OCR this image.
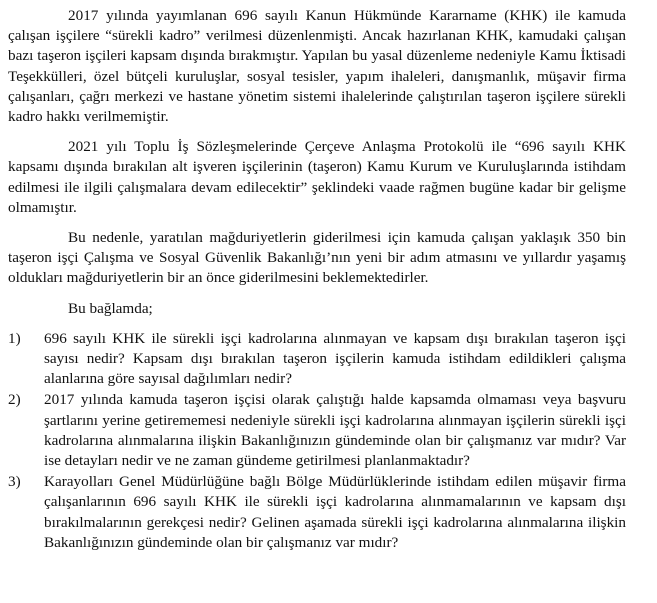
2017 yılında yayımlanan 696 sayılı Kanun Hükmünde Kararname (KHK) ile kamuda çalışan işçilere “sürekli kadro” verilmesi düzenlenmişti. Ancak hazırlanan KHK, kamudaki çalışan bazı taşeron işçileri kapsam dışında bırakmıştır. Yapılan bu yasal düzenleme nedeniyle Kamu İktisadi Teşekkülleri, özel bütçeli kuruluşlar, sosyal tesisler, yapım ihaleleri, danışmanlık, müşavir firma çalışanları, çağrı merkezi ve hastane yönetim sistemi ihalelerinde çalıştırılan taşeron işçilere sürekli kadro hakkı verilmemiştir.

2021 yılı Toplu İş Sözleşmelerinde Çerçeve Anlaşma Protokolü ile “696 sayılı KHK kapsamı dışında bırakılan alt işveren işçilerinin (taşeron) Kamu Kurum ve Kuruluşlarında istihdam edilmesi ile ilgili çalışmalara devam edilecektir” şeklindeki vaade rağmen bugüne kadar bir gelişme olmamıştır.

Bu nedenle, yaratılan mağduriyetlerin giderilmesi için kamuda çalışan yaklaşık 350 bin taşeron işçi Çalışma ve Sosyal Güvenlik Bakanlığı’nın yeni bir adım atmasını ve yıllardır yaşamış oldukları mağduriyetlerin bir an önce giderilmesini beklemektedirler.

Bu bağlamda;

1)	696 sayılı KHK ile sürekli işçi kadrolarına alınmayan ve kapsam dışı bırakılan taşeron işçi sayısı nedir? Kapsam dışı bırakılan taşeron işçilerin kamuda istihdam edildikleri çalışma alanlarına göre sayısal dağılımları nedir?
2)	2017 yılında kamuda taşeron işçisi olarak çalıştığı halde kapsamda olmaması veya başvuru şartlarını yerine getirememesi nedeniyle sürekli işçi kadrolarına alınmayan işçilerin sürekli işçi kadrolarına alınmalarına ilişkin Bakanlığınızın gündeminde olan bir çalışmanız var mıdır? Var ise detayları nedir ve ne zaman gündeme getirilmesi planlanmaktadır?
3)	Karayolları Genel Müdürlüğüne bağlı Bölge Müdürlüklerinde istihdam edilen müşavir firma çalışanlarının 696 sayılı KHK ile sürekli işçi kadrolarına alınmamalarının ve kapsam dışı bırakılmalarının gerekçesi nedir? Gelinen aşamada sürekli işçi kadrolarına alınmalarına ilişkin Bakanlığınızın gündeminde olan bir çalışmanız var mıdır?
